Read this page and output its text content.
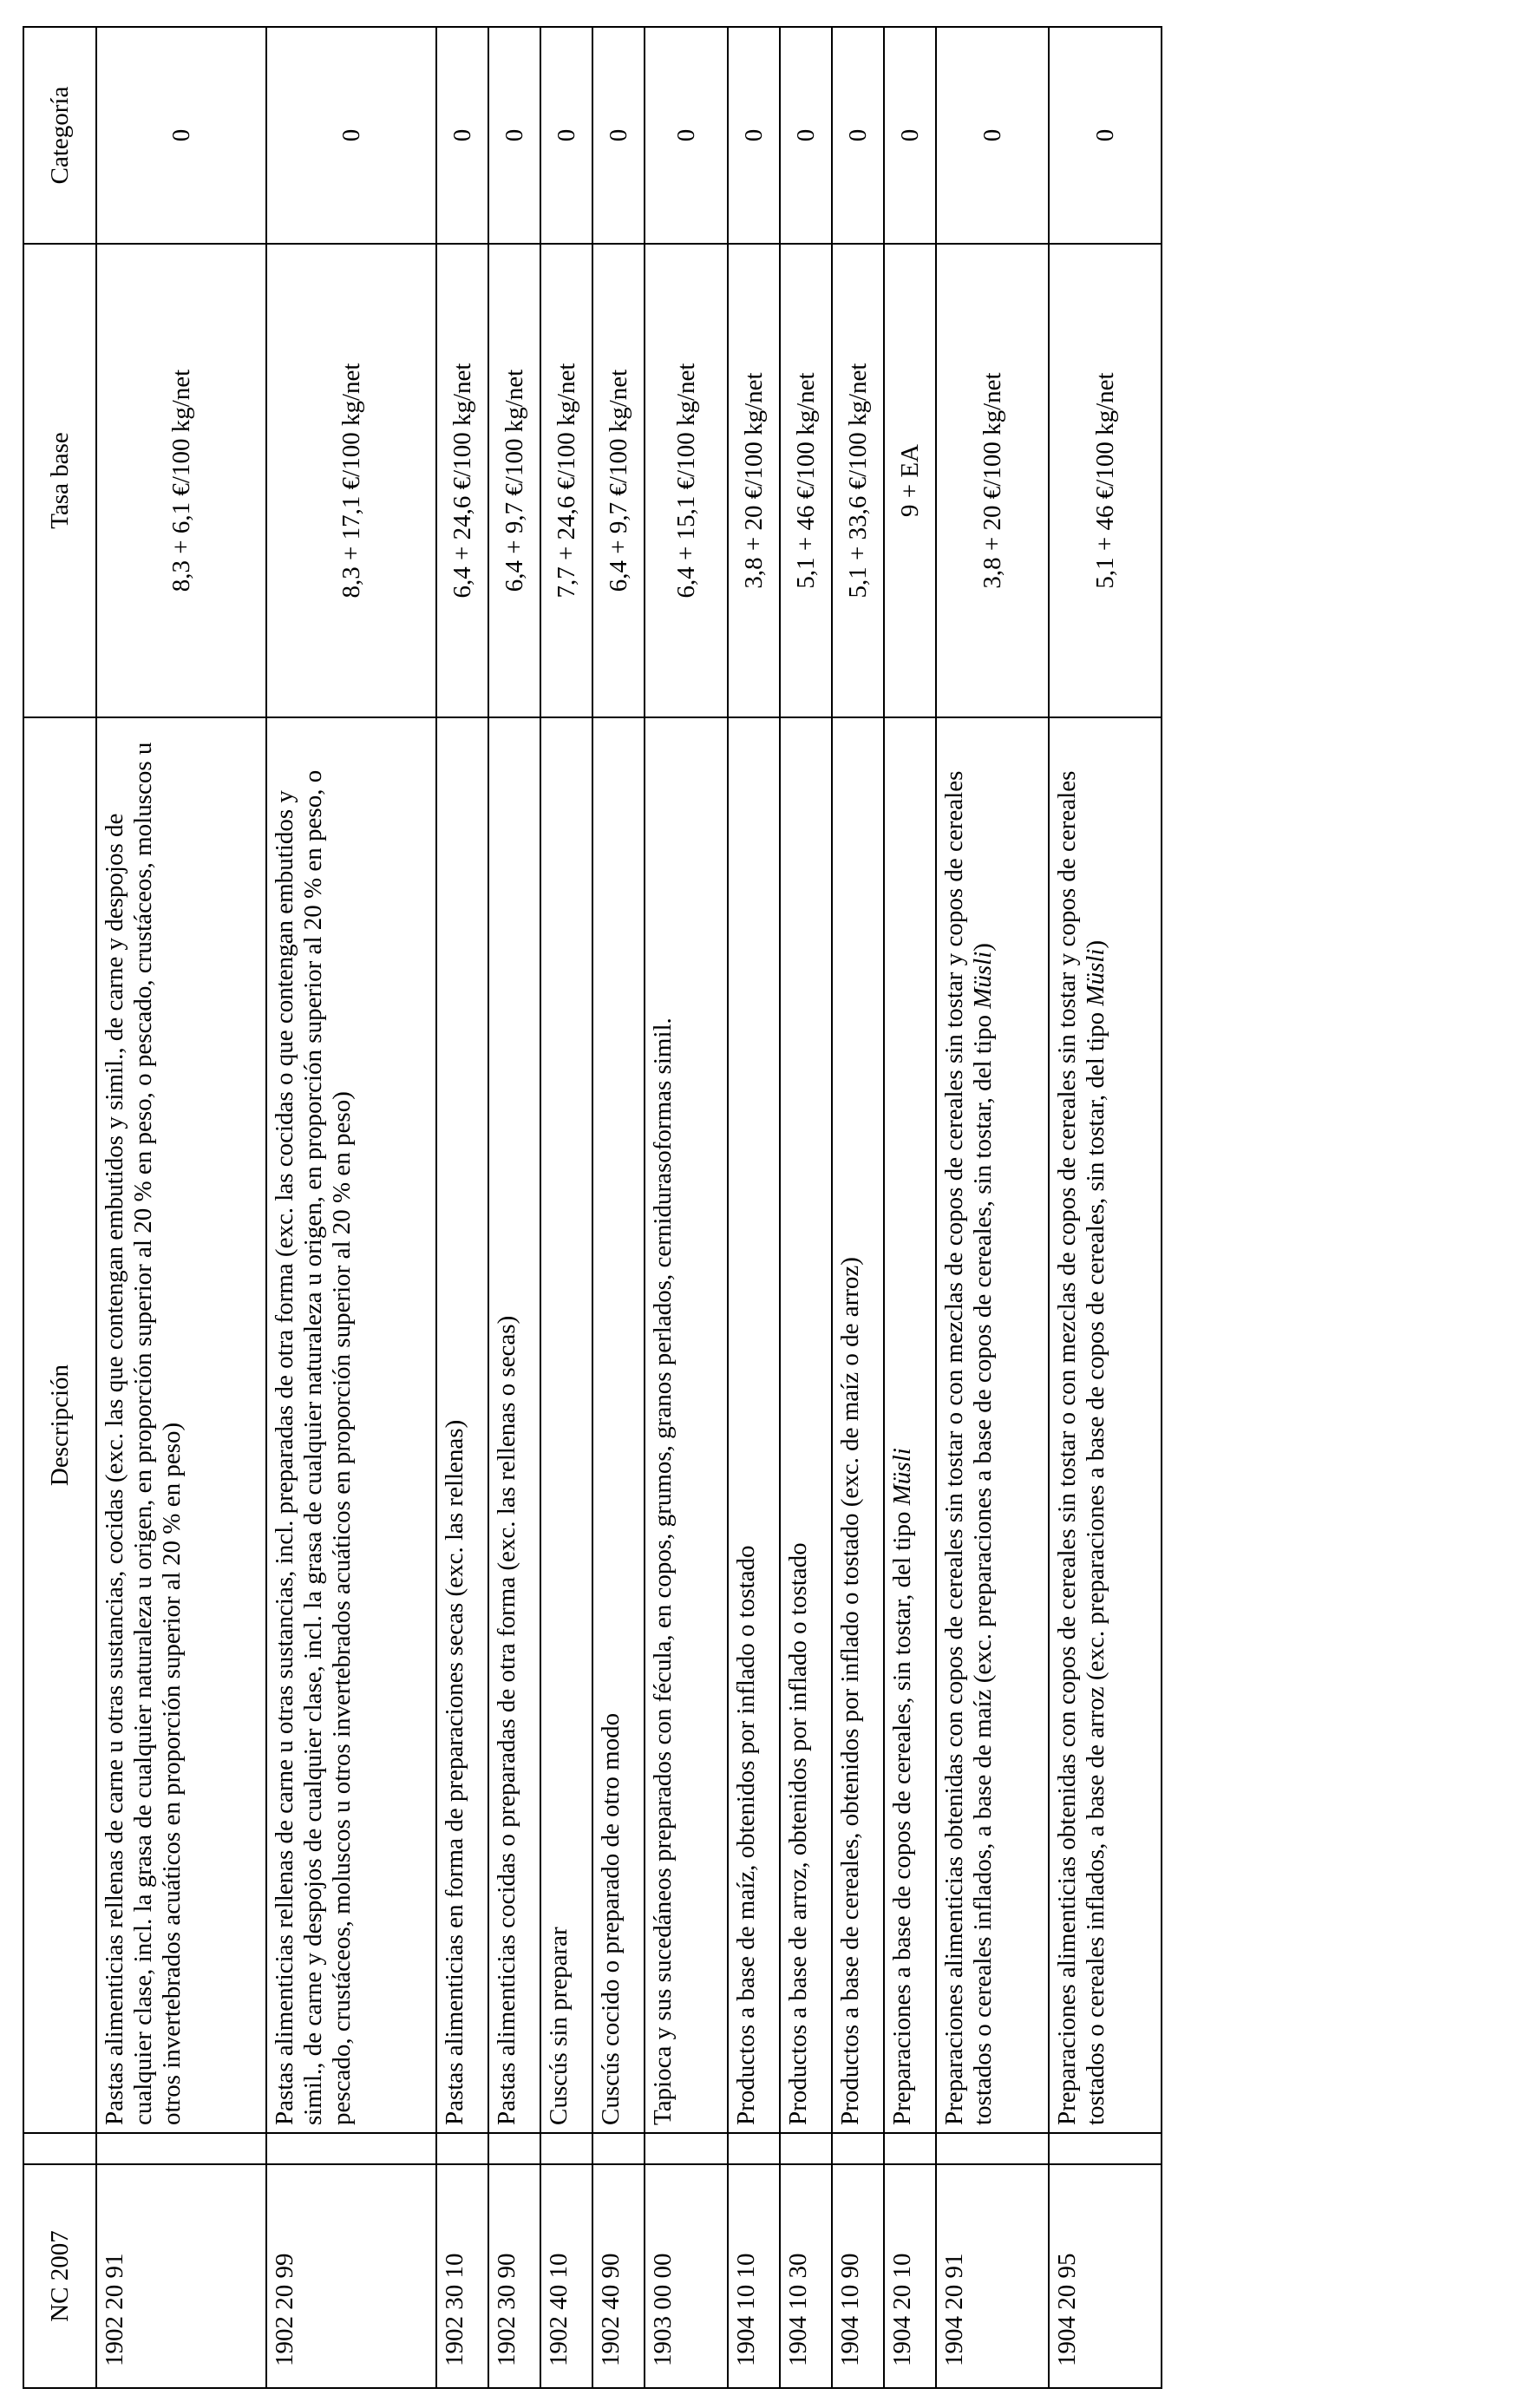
NC 2007		Descripción	Tasa base	Categoría
1902 20 91		Pastas alimenticias rellenas de carne u otras sustancias, cocidas (exc. las que contengan embutidos y simil., de carne y despojos de cualquier clase, incl. la grasa de cualquier naturaleza u origen, en proporción superior al 20 % en peso, o pescado, crustáceos, moluscos u otros invertebrados acuáticos en proporción superior al 20 % en peso)	8,3 + 6,1 €/100 kg/net	0
1902 20 99		Pastas alimenticias rellenas de carne u otras sustancias, incl. preparadas de otra forma (exc. las cocidas o que contengan embutidos y simil., de carne y despojos de cualquier clase, incl. la grasa de cualquier naturaleza u origen, en proporción superior al 20 % en peso, o pescado, crustáceos, moluscos u otros invertebrados acuáticos en proporción superior al 20 % en peso)	8,3 + 17,1 €/100 kg/net	0
1902 30 10		Pastas alimenticias en forma de preparaciones secas (exc. las rellenas)	6,4 + 24,6 €/100 kg/net	0
1902 30 90		Pastas alimenticias cocidas o preparadas de otra forma (exc. las rellenas o secas)	6,4 + 9,7 €/100 kg/net	0
1902 40 10		Cuscús sin preparar	7,7 + 24,6 €/100 kg/net	0
1902 40 90		Cuscús cocido o preparado de otro modo	6,4 + 9,7 €/100 kg/net	0
1903 00 00		Tapioca y sus sucedáneos preparados con fécula, en copos, grumos, granos perlados, cernidurasoformas simil.	6,4 + 15,1 €/100 kg/net	0
1904 10 10		Productos a base de maíz, obtenidos por inflado o tostado	3,8 + 20 €/100 kg/net	0
1904 10 30		Productos a base de arroz, obtenidos por inflado o tostado	5,1 + 46 €/100 kg/net	0
1904 10 90		Productos a base de cereales, obtenidos por inflado o tostado (exc. de maíz o de arroz)	5,1 + 33,6 €/100 kg/net	0
1904 20 10		Preparaciones a base de copos de cereales, sin tostar, del tipo Müsli	9 + EA	0
1904 20 91		Preparaciones alimenticias obtenidas con copos de cereales sin tostar o con mezclas de copos de cereales sin tostar y copos de cereales tostados o cereales inflados, a base de maíz (exc. preparaciones a base de copos de cereales, sin tostar, del tipo Müsli)	3,8 + 20 €/100 kg/net	0
1904 20 95		Preparaciones alimenticias obtenidas con copos de cereales sin tostar o con mezclas de copos de cereales sin tostar y copos de cereales tostados o cereales inflados, a base de arroz (exc. preparaciones a base de copos de cereales, sin tostar, del tipo Müsli)	5,1 + 46 €/100 kg/net	0
